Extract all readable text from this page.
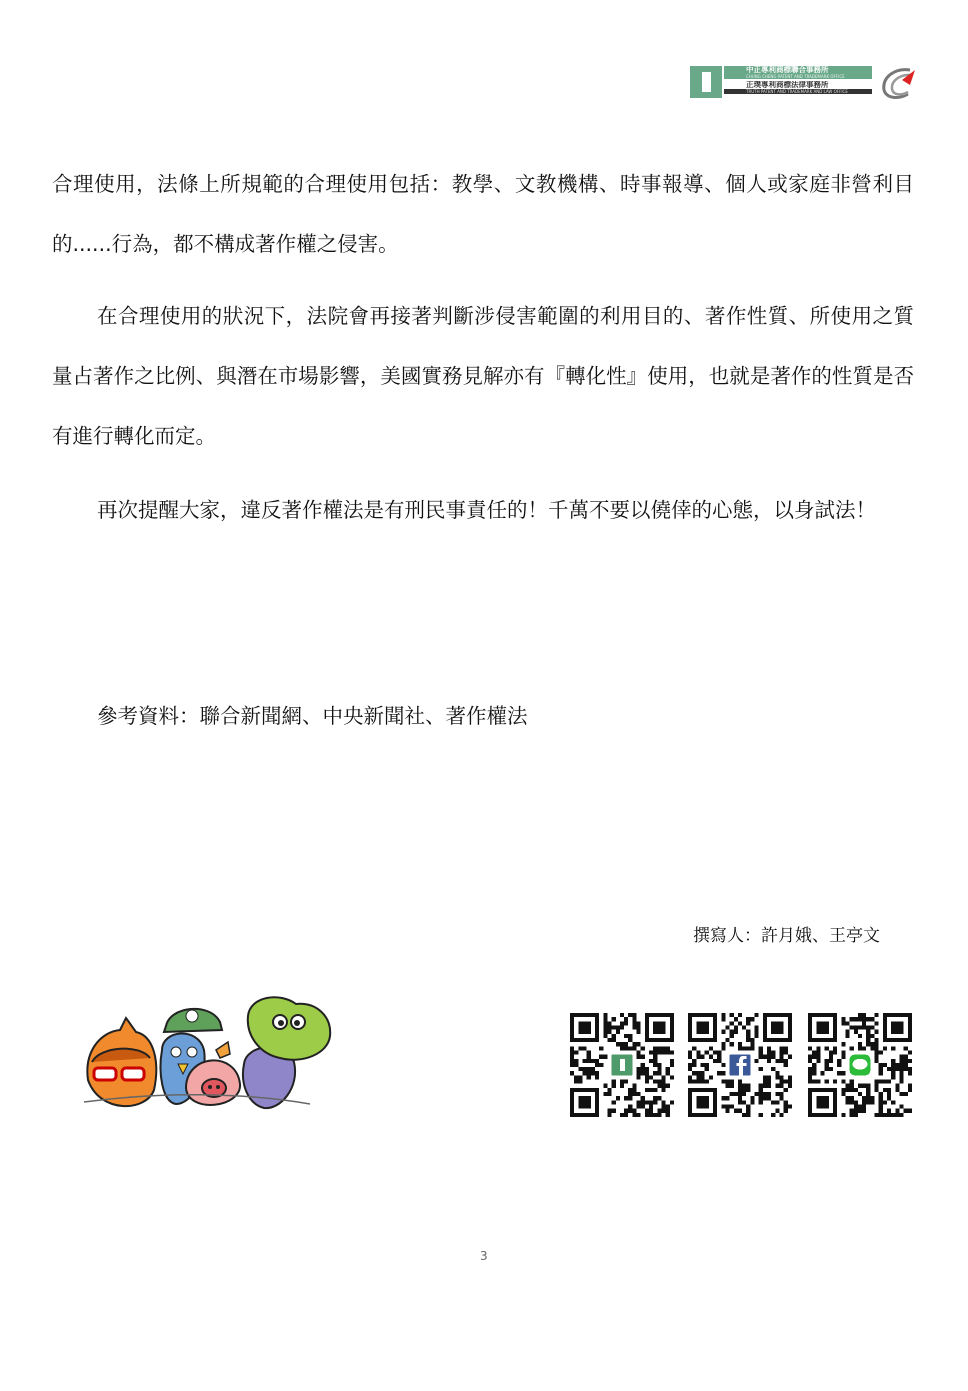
中正專利商標聯合事務所
CHUNG CHENG PATENT AND TRADEMARK OFFICE
正璞專利商標法律事務所
TRUTH PATENT AND TRADEMARK AND LAW OFFICE

合理使用，法條上所規範的合理使用包括：教學、文教機構、時事報導、個人或家庭非營利目的......行為，都不構成著作權之侵害。

在合理使用的狀況下，法院會再接著判斷涉侵害範圍的利用目的、著作性質、所使用之質量占著作之比例、與潛在市場影響，美國實務見解亦有『轉化性』使用，也就是著作的性質是否有進行轉化而定。

再次提醒大家，違反著作權法是有刑民事責任的！千萬不要以僥倖的心態，以身試法！

參考資料：聯合新聞網、中央新聞社、著作權法

撰寫人：許月娥、王亭文

3
